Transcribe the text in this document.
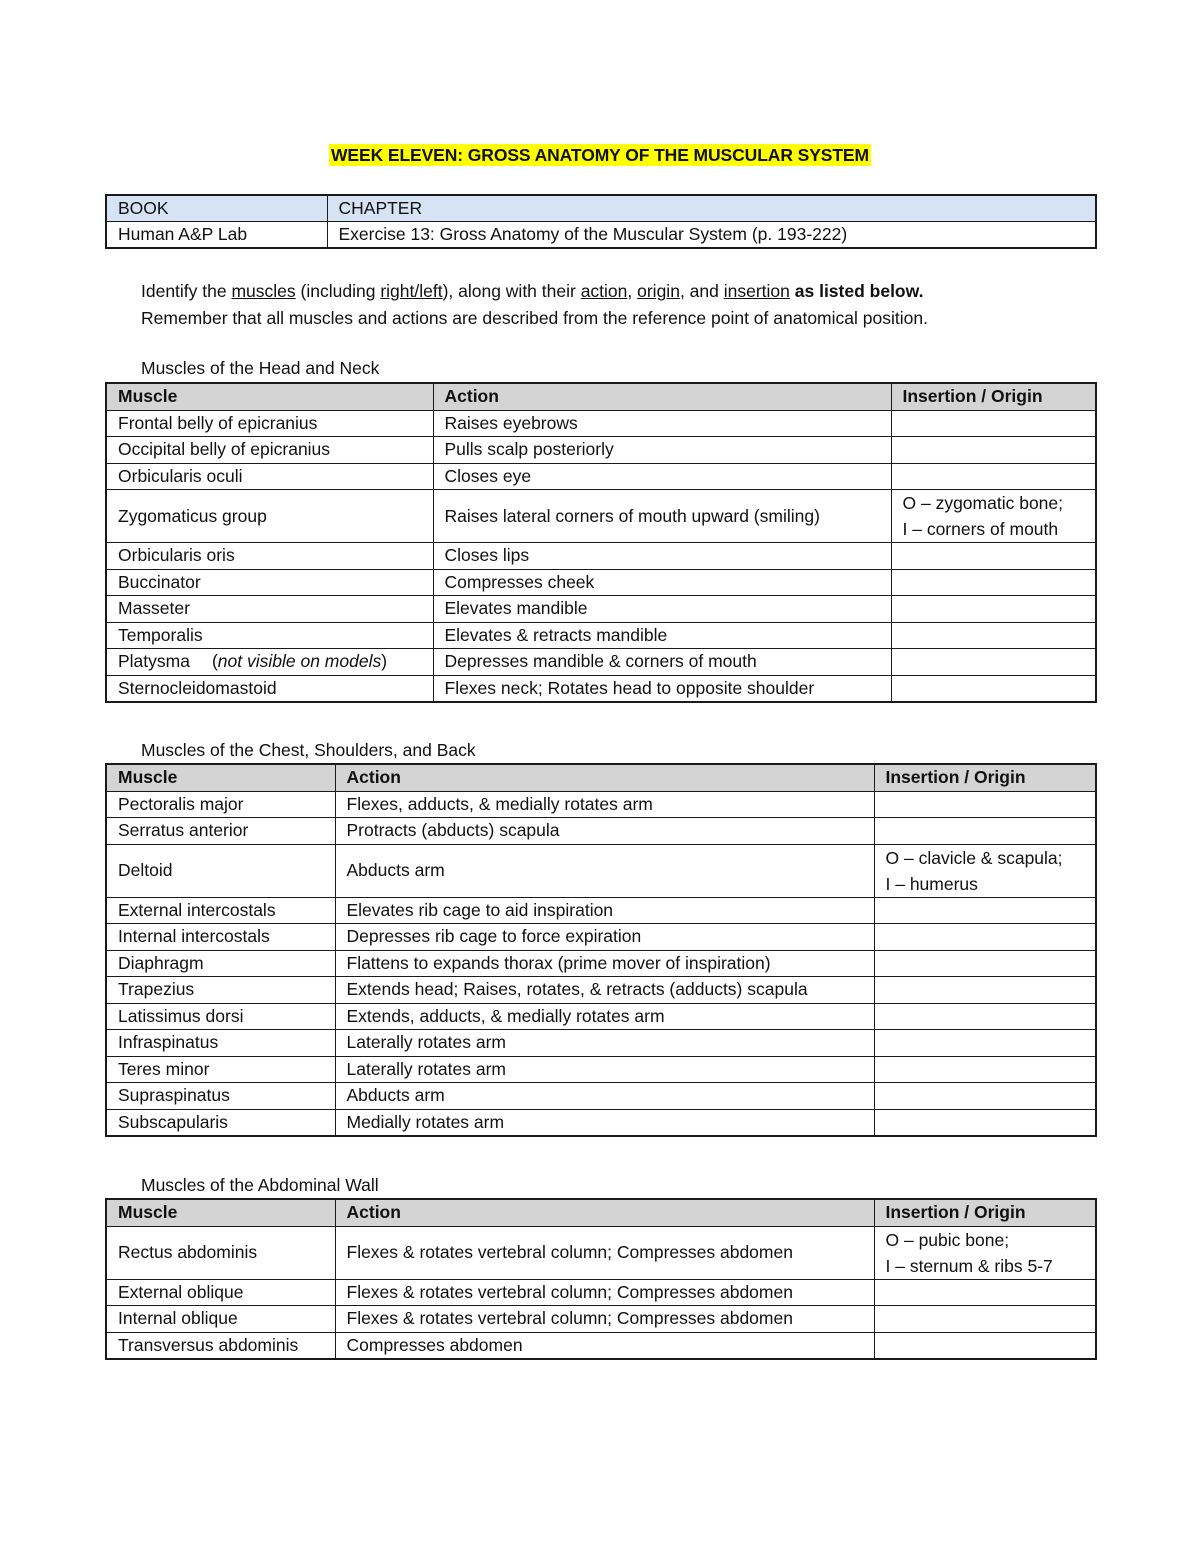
WEEK ELEVEN: GROSS ANATOMY OF THE MUSCULAR SYSTEM
BOOK	CHAPTER
Human A&P Lab	Exercise 13: Gross Anatomy of the Muscular System (p. 193-222)
Identify the muscles (including right/left), along with their action, origin, and insertion as listed below.
Remember that all muscles and actions are described from the reference point of anatomical position.
Muscles of the Head and Neck
Muscle	Action	Insertion / Origin
Frontal belly of epicranius	Raises eyebrows	
Occipital belly of epicranius	Pulls scalp posteriorly	
Orbicularis oculi	Closes eye	
Zygomaticus group	Raises lateral corners of mouth upward (smiling)	O – zygomatic bone;
I – corners of mouth

Orbicularis oris	Closes lips	
Buccinator	Compresses cheek	
Masseter	Elevates mandible	
Temporalis	Elevates & retracts mandible	
Platysma (not visible on models)	Depresses mandible & corners of mouth	
Sternocleidomastoid	Flexes neck; Rotates head to opposite shoulder	
Muscles of the Chest, Shoulders, and Back
Muscle	Action	Insertion / Origin
Pectoralis major	Flexes, adducts, & medially rotates arm	
Serratus anterior	Protracts (abducts) scapula	
Deltoid	Abducts arm	O – clavicle & scapula;
I – humerus

External intercostals	Elevates rib cage to aid inspiration	
Internal intercostals	Depresses rib cage to force expiration	
Diaphragm	Flattens to expands thorax (prime mover of inspiration)	
Trapezius	Extends head; Raises, rotates, & retracts (adducts) scapula	
Latissimus dorsi	Extends, adducts, & medially rotates arm	
Infraspinatus	Laterally rotates arm	
Teres minor	Laterally rotates arm	
Supraspinatus	Abducts arm	
Subscapularis	Medially rotates arm	
Muscles of the Abdominal Wall
Muscle	Action	Insertion / Origin
Rectus abdominis	Flexes & rotates vertebral column; Compresses abdomen	O – pubic bone;
I – sternum & ribs 5-7

External oblique	Flexes & rotates vertebral column; Compresses abdomen	
Internal oblique	Flexes & rotates vertebral column; Compresses abdomen	
Transversus abdominis	Compresses abdomen	
